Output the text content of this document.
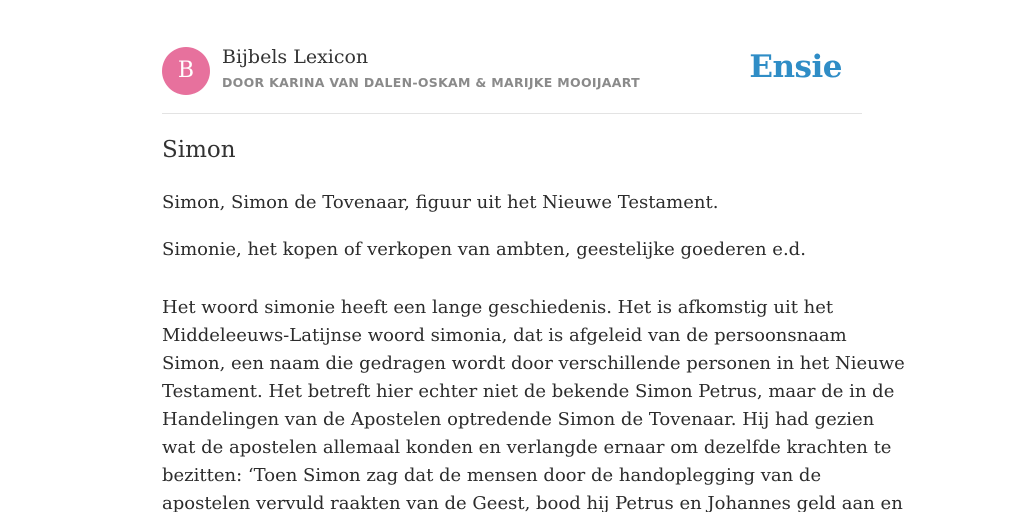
B
Bijbels Lexicon
DOOR KARINA VAN DALEN-OSKAM & MARIJKE MOOIJAART	Ensie
Simon

Simon, Simon de Tovenaar, figuur uit het Nieuwe Testament.

Simonie, het kopen of verkopen van ambten, geestelijke goederen e.d.

Het woord simonie heeft een lange geschiedenis. Het is afkomstig uit het
Middeleeuws-Latijnse woord simonia, dat is afgeleid van de persoonsnaam
Simon, een naam die gedragen wordt door verschillende personen in het Nieuwe
Testament. Het betreft hier echter niet de bekende Simon Petrus, maar de in de
Handelingen van de Apostelen optredende Simon de Tovenaar. Hij had gezien
wat de apostelen allemaal konden en verlangde ernaar om dezelfde krachten te
bezitten: ‘Toen Simon zag dat de mensen door de handoplegging van de
apostelen vervuld raakten van de Geest, bood hij Petrus en Johannes geld aan en
